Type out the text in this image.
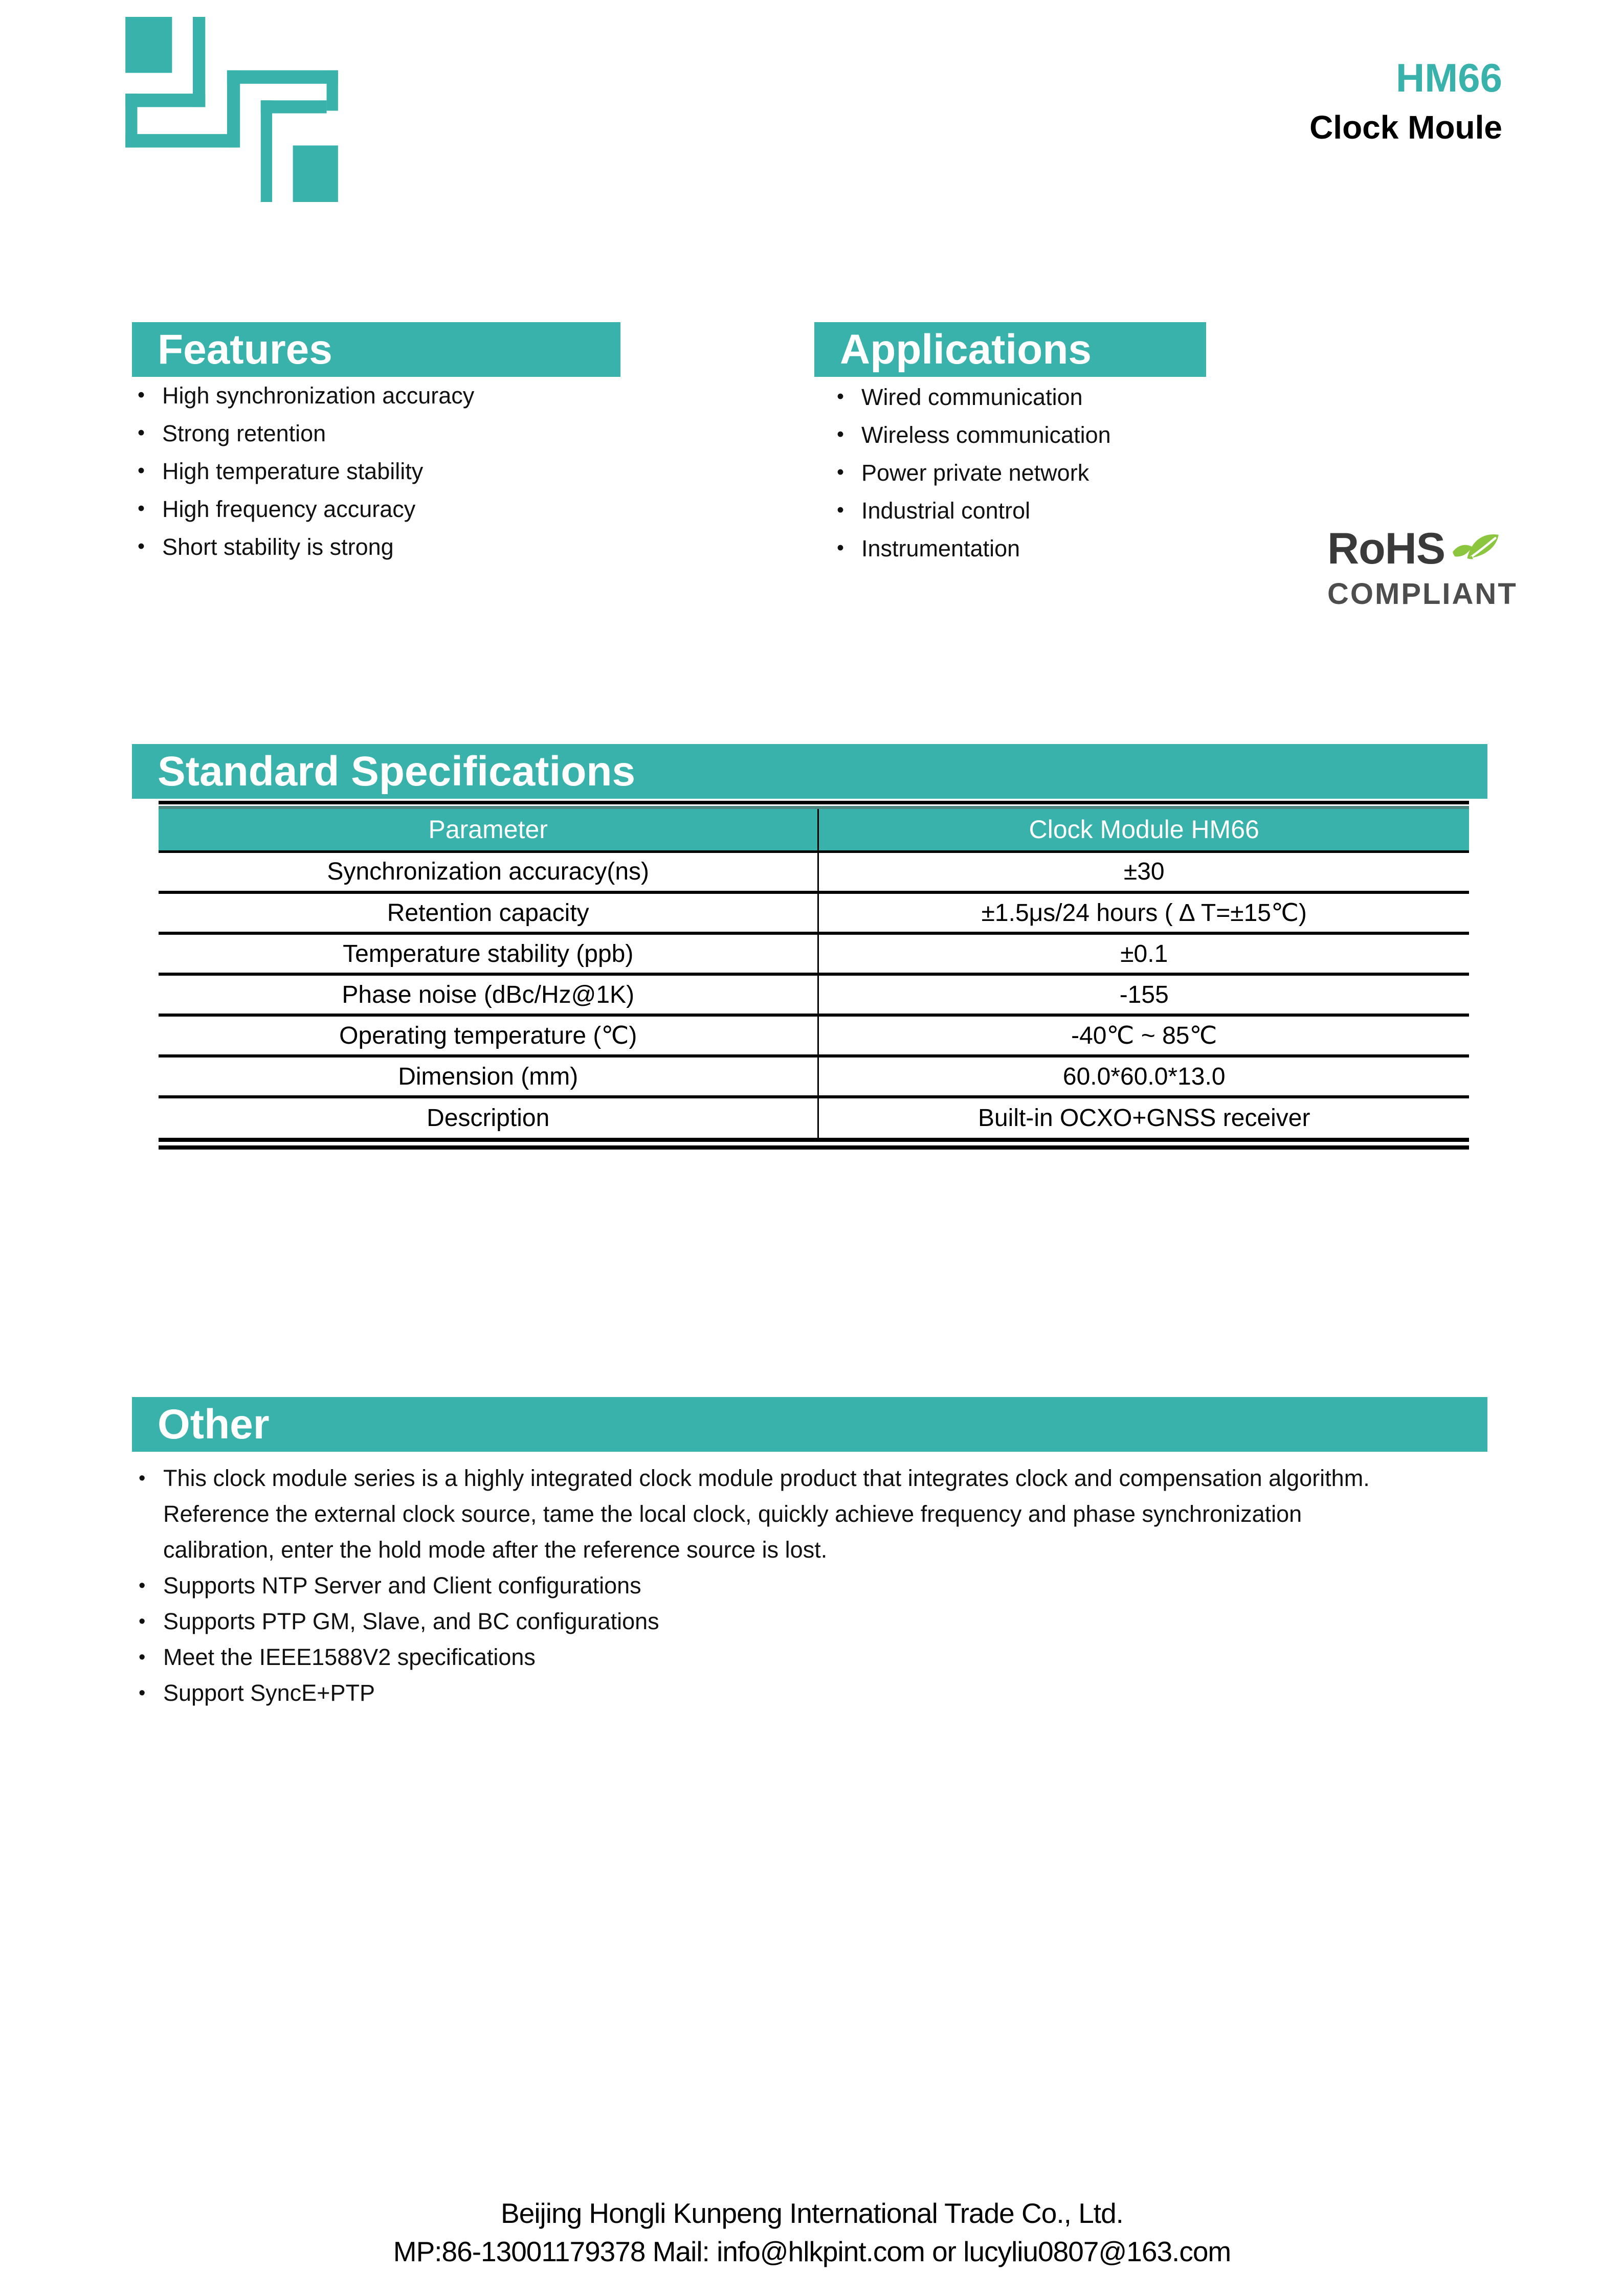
HM66
Clock Moule
Features
• High synchronization accuracy
• Strong retention
• High temperature stability
• High frequency accuracy
• Short stability is strong
Applications
• Wired communication
• Wireless communication
• Power private network
• Industrial control
• Instrumentation	RoHS
COMPLIANT
Standard Specifications
Parameter	Clock Module HM66
Synchronization accuracy(ns)	±30
Retention capacity	±1.5μs/24 hours ( ∆ T=±15℃)
Temperature stability (ppb)	±0.1
Phase noise (dBc/Hz@1K)	-155
Operating temperature (℃)	-40℃ ~ 85℃
Dimension (mm)	60.0*60.0*13.0
Description	Built-in OCXO+GNSS receiver
Other
• This clock module series is a highly integrated clock module product that integrates clock and compensation algorithm. Reference the external clock source, tame the local clock, quickly achieve frequency and phase synchronization calibration, enter the hold mode after the reference source is lost.
• Supports NTP Server and Client configurations
• Supports PTP GM, Slave, and BC configurations
• Meet the IEEE1588V2 specifications
• Support SyncE+PTP
Beijing Hongli Kunpeng International Trade Co., Ltd.
MP:86-13001179378 Mail: info@hlkpint.com or lucyliu0807@163.com
